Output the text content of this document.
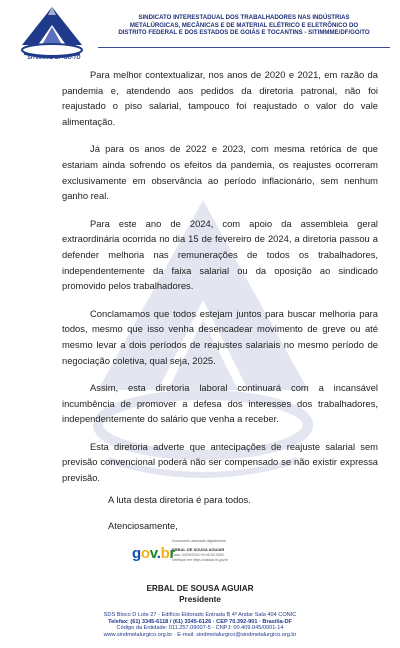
SITIMMME-DF-GO-TO
SINDICATO INTERESTADUAL DOS TRABALHADORES NAS INDÚSTRIAS
METALÚRGICAS, MECÂNICAS E DE MATERIAL ELÉTRICO E ELETRÔNICO DO
DISTRITO FEDERAL E DOS ESTADOS DE GOIÁS E TOCANTINS - SITIMMME/DF/GO/TO

Para melhor contextualizar, nos anos de 2020 e 2021, em razão da pandemia e, atendendo aos pedidos da diretoria patronal, não foi reajustado o piso salarial, tampouco foi reajustado o valor do vale alimentação.

Já para os anos de 2022 e 2023, com mesma retórica de que estariam ainda sofrendo os efeitos da pandemia, os reajustes ocorreram exclusivamente em observância ao período inflacionário, sem nenhum ganho real.

Para este ano de 2024, com apoio da assembleia geral extraordinária ocorrida no dia 15 de fevereiro de 2024, a diretoria passou a defender melhoria nas remunerações de todos os trabalhadores, independentemente da faixa salarial ou da oposição ao sindicado promovido pelos trabalhadores.

Conclamamos que todos estejam juntos para buscar melhoria para todos, mesmo que isso venha desencadear movimento de greve ou até mesmo levar a dois períodos de reajustes salariais no mesmo período de negociação coletiva, qual seja, 2025.

Assim, esta diretoria laboral continuará com a incansável incumbência de promover a defesa dos interesses dos trabalhadores, independentemente do salário que venha a receber.

Esta diretoria adverte que antecipações de reajuste salarial sem previsão convencional poderá não ser compensado se não existir expressa previsão.

A luta desta diretoria é para todos.
Atenciosamente,
gov.br
Documento assinado digitalmente
ERBAL DE SOUSA AGUIAR
Data: 20/09/2024 09:46:32-0300
Verifique em https://validar.iti.gov.br
ERBAL DE SOUSA AGUIAR
Presidente
SDS Bloco D Lote 27 - Edifício Eldorado Entrada B 4º Andar Sala 404 CONIC
Telefax: (61) 3345-6118 / (61) 3345-6126 · CEP 70.392-901 · Brasília-DF
Código da Entidade: 011.257.09007-5 · CNPJ: 00.409.045/0001-14
www.sindmetalurgico.org.br · E-mail: sindmetalurgico@sindmetalurgico.org.br
